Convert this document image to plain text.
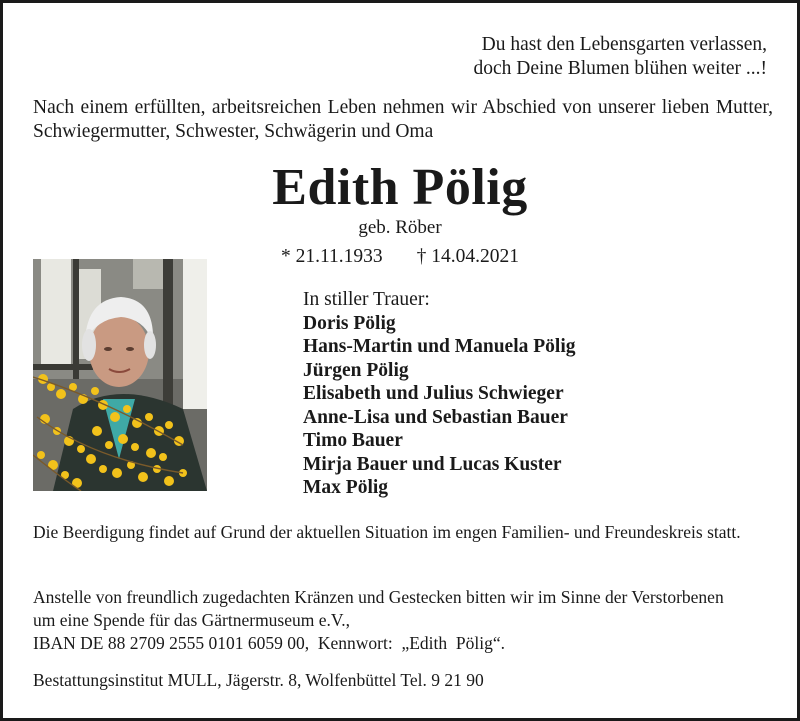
Du hast den Lebensgarten verlassen,
doch Deine Blumen blühen weiter ...!
Nach einem erfüllten, arbeitsreichen Leben nehmen wir Abschied von unserer lieben Mutter, Schwiegermutter, Schwester, Schwägerin und Oma
Edith Pölig
geb. Röber
* 21.11.1933 † 14.04.2021
In stiller Trauer:
Doris Pölig
Hans-Martin und Manuela Pölig
Jürgen Pölig
Elisabeth und Julius Schwieger
Anne-Lisa und Sebastian Bauer
Timo Bauer
Mirja Bauer und Lucas Kuster
Max Pölig
Die Beerdigung findet auf Grund der aktuellen Situation im engen Familien- und Freundeskreis statt.
Anstelle von freundlich zugedachten Kränzen und Gestecken bitten wir im Sinne der Verstorbenen
um eine Spende für das Gärtnermuseum e.V.,
IBAN DE 88 2709 2555 0101 6059 00,  Kennwort:  „Edith  Pölig“.
Bestattungsinstitut MULL, Jägerstr. 8, Wolfenbüttel Tel. 9 21 90
